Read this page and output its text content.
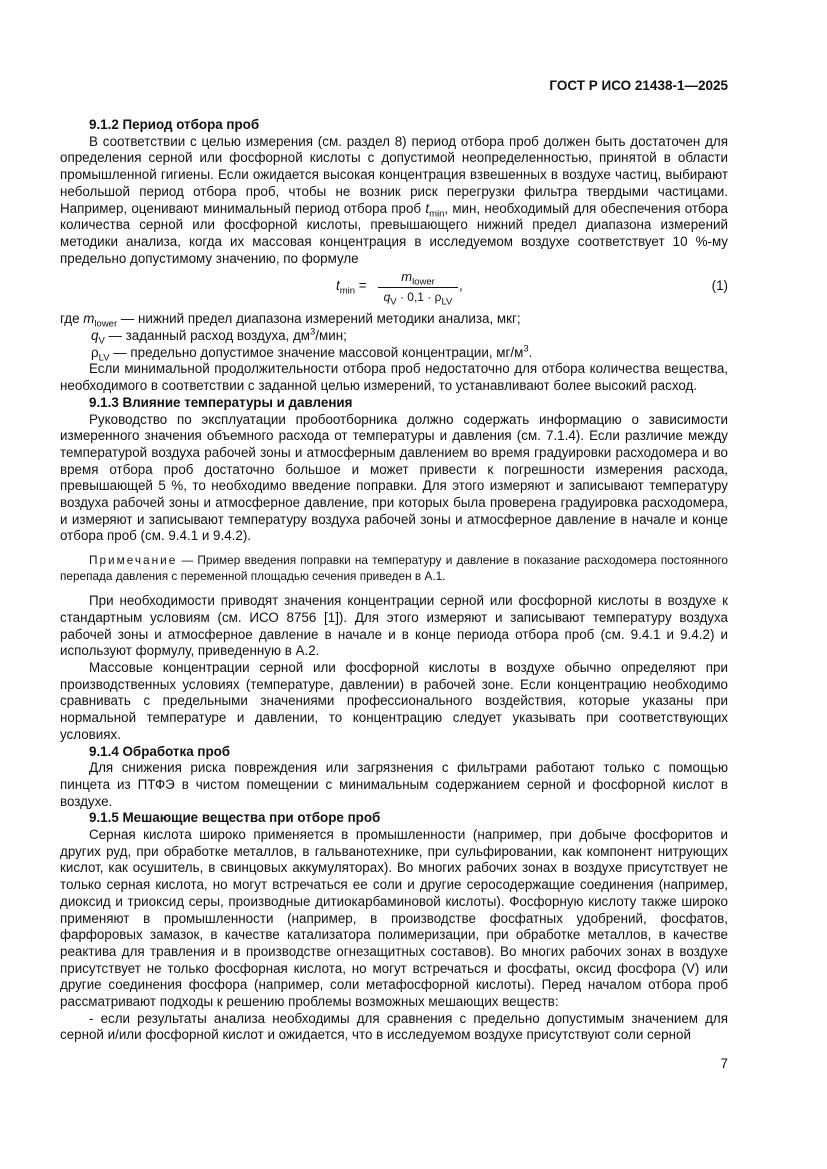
ГОСТ Р ИСО 21438-1—2025
9.1.2 Период отбора проб

В соответствии с целью измерения (см. раздел 8) период отбора проб должен быть достаточен для определения серной или фосфорной кислоты с допустимой неопределенностью, принятой в области промышленной гигиены. Если ожидается высокая концентрация взвешенных в воздухе частиц, выбирают небольшой период отбора проб, чтобы не возник риск перегрузки фильтра твердыми частицами. Например, оценивают минимальный период отбора проб $t_{min}$, мин, необходимый для обеспечения отбора количества серной или фосфорной кислоты, превышающего нижний предел диапазона измерений методики анализа, когда их массовая концентрация в исследуемом воздухе соответствует 10 %-му предельно допустимому значению, по формуле

$t_{min}$ =
$m_{lower}$
$q_V \cdot 0,1 \cdot \rho_{LV}$
,	(1)
где $m_{lower}$ — нижний предел диапазона измерений методики анализа, мкг;
$q_V$ — заданный расход воздуха, $дм^3$/мин;
$\rho_{LV}$ — предельно допустимое значение массовой концентрации, $мг/м^3$.

Если минимальной продолжительности отбора проб недостаточно для отбора количества вещества, необходимого в соответствии с заданной целью измерений, то устанавливают более высокий расход.

9.1.3 Влияние температуры и давления

Руководство по эксплуатации пробоотборника должно содержать информацию о зависимости измеренного значения объемного расхода от температуры и давления (см. 7.1.4). Если различие между температурой воздуха рабочей зоны и атмосферным давлением во время градуировки расходомера и во время отбора проб достаточно большое и может привести к погрешности измерения расхода, превышающей 5 %, то необходимо введение поправки. Для этого измеряют и записывают температуру воздуха рабочей зоны и атмосферное давление, при которых была проверена градуировка расходомера, и измеряют и записывают температуру воздуха рабочей зоны и атмосферное давление в начале и конце отбора проб (см. 9.4.1 и 9.4.2).

Примечание — Пример введения поправки на температуру и давление в показание расходомера постоянного перепада давления с переменной площадью сечения приведен в А.1.

При необходимости приводят значения концентрации серной или фосфорной кислоты в воздухе к стандартным условиям (см. ИСО 8756 [1]). Для этого измеряют и записывают температуру воздуха рабочей зоны и атмосферное давление в начале и в конце периода отбора проб (см. 9.4.1 и 9.4.2) и используют формулу, приведенную в А.2.

Массовые концентрации серной или фосфорной кислоты в воздухе обычно определяют при производственных условиях (температуре, давлении) в рабочей зоне. Если концентрацию необходимо сравнивать с предельными значениями профессионального воздействия, которые указаны при нормальной температуре и давлении, то концентрацию следует указывать при соответствующих условиях.

9.1.4 Обработка проб

Для снижения риска повреждения или загрязнения с фильтрами работают только с помощью пинцета из ПТФЭ в чистом помещении с минимальным содержанием серной и фосфорной кислот в воздухе.

9.1.5 Мешающие вещества при отборе проб

Серная кислота широко применяется в промышленности (например, при добыче фосфоритов и других руд, при обработке металлов, в гальванотехнике, при сульфировании, как компонент нитрующих кислот, как осушитель, в свинцовых аккумуляторах). Во многих рабочих зонах в воздухе присутствует не только серная кислота, но могут встречаться ее соли и другие серосодержащие соединения (например, диоксид и триоксид серы, производные дитиокарбаминовой кислоты). Фосфорную кислоту также широко применяют в промышленности (например, в производстве фосфатных удобрений, фосфатов, фарфоровых замазок, в качестве катализатора полимеризации, при обработке металлов, в качестве реактива для травления и в производстве огнезащитных составов). Во многих рабочих зонах в воздухе присутствует не только фосфорная кислота, но могут встречаться и фосфаты, оксид фосфора (V) или другие соединения фосфора (например, соли метафосфорной кислоты). Перед началом отбора проб рассматривают подходы к решению проблемы возможных мешающих веществ:

- если результаты анализа необходимы для сравнения с предельно допустимым значением для серной и/или фосфорной кислот и ожидается, что в исследуемом воздухе присутствуют соли серной

7
